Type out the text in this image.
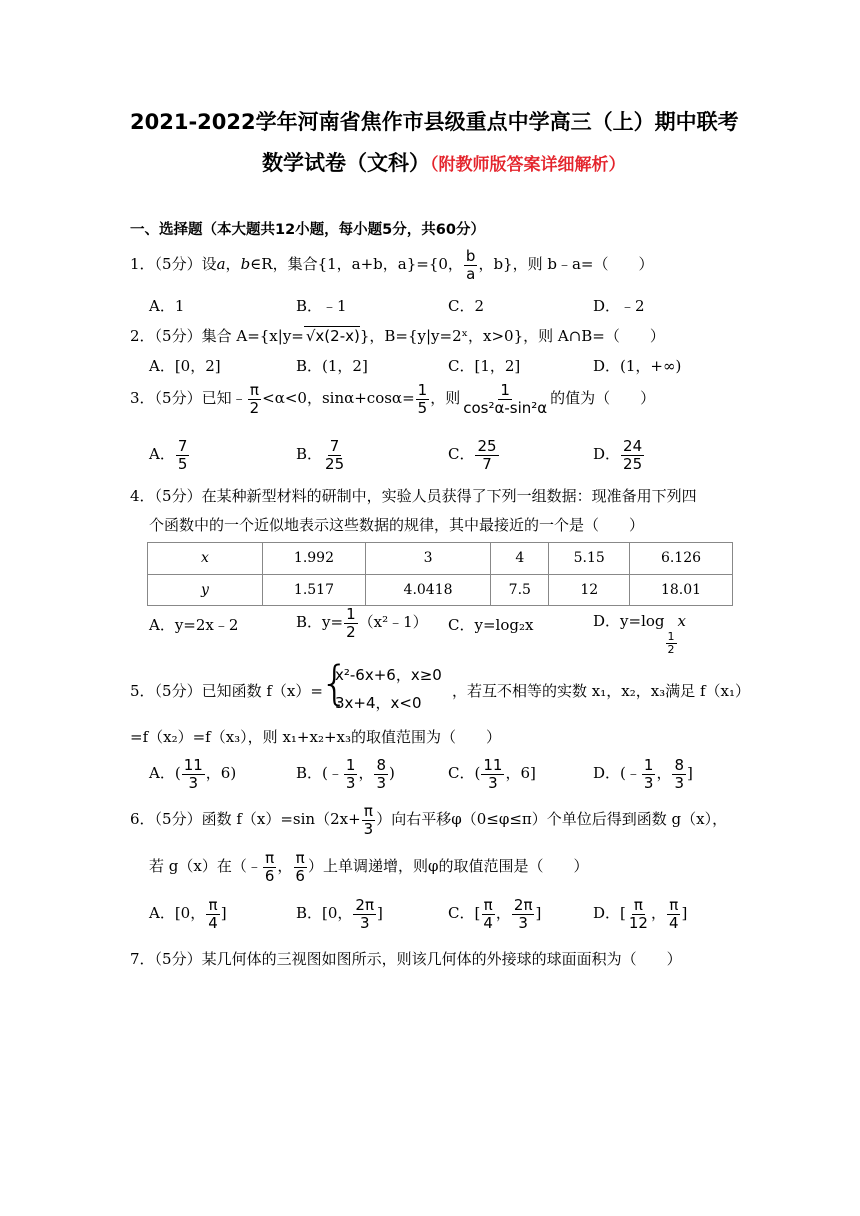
2021-2022学年河南省焦作市县级重点中学高三（上）期中联考
数学试卷（文科）（附教师版答案详细解析）
一、选择题（本大题共12小题，每小题5分，共60分）
1．（5分）设a，b∈R，集合{1，a+b，a}={0， $\frac{b}{a}$ ，b}，则 b﹣a=（　　）
A．1	B．﹣1	C．2	D．﹣2
2．（5分）集合 A={x|y= √x(2-x)}，B={y|y=2ˣ，x>0}，则 A∩B=（　　）
A．[0，2]	B．(1，2]	C．[1，2]	D．(1，+∞)
3．（5分）已知﹣ $\frac{\pi}{2} <\alpha<0$，$\sin\alpha+\cos\alpha= \frac{1}{5}$ ，则 $\frac{1}{\text{cos²α-sin²α}}$ 的值为（　　）
A． $\frac{7}{5}$	B． $\frac{7}{25}$	C． $\frac{25}{7}$	D． $\frac{24}{25}$
4．（5分）在某种新型材料的研制中，实验人员获得了下列一组数据：现准备用下列四
个函数中的一个近似地表示这些数据的规律，其中最接近的一个是（　　）
x	1.992	3	4	5.15	6.126
y	1.517	4.0418	7.5	12	18.01
A．y=2x﹣2	B．$y= \frac{1}{2}$ （x²﹣1） C．y=log₂x	D．y=log
$\frac{1}{2}$
x
5．（5分）已知函数 f（x）=
{
x²-6x+6，x≥0
3x+4，x<0
，若互不相等的实数 x₁，x₂，x₃满足 f（x₁）
=f（x₂）=f（x₃），则 x₁+x₂+x₃的取值范围为（　　）
A．( $\frac{11}{3}$ ，6)	B．(﹣ $\frac{1}{3}$ ， $\frac{8}{3}$ )	C．( $\frac{11}{3}$ ，6]	D．(﹣ $\frac{1}{3}$ ， $\frac{8}{3}$ ]
6．（5分）函数 $f(x)=\sin(2x+ \frac{\pi}{3}$ ）向右平移φ（0≤φ≤π）个单位后得到函数 g（x），
若 g（x）在（﹣ $\frac{\pi}{6}$ ， $\frac{\pi}{6}$ ）上单调递增，则φ的取值范围是（　　）
A．[0， $\frac{\pi}{4}$ ]	B．[0， $\frac{2\pi}{3}$ ]	C．[ $\frac{\pi}{4}$ ， $\frac{2\pi}{3}$ ]	D．[ $\frac{\pi}{12}$ ， $\frac{\pi}{4}$ ]
7．（5分）某几何体的三视图如图所示，则该几何体的外接球的球面面积为（　　）
